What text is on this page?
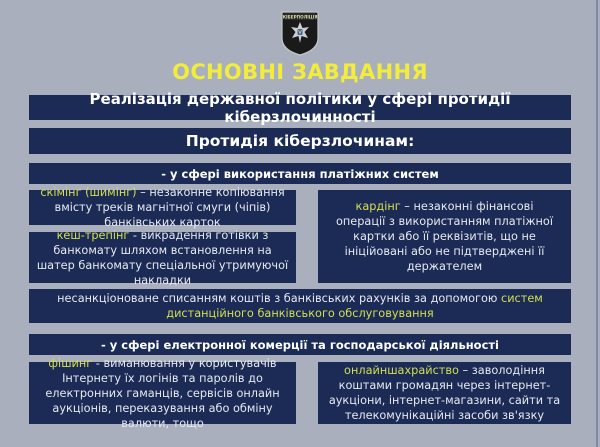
КІБЕРПОЛІЦІЯ
ОСНОВНІ ЗАВДАННЯ
Реалізація державної політики у сфері протидії кіберзлочинності
Протидія кіберзлочинам:
- у сфері використання платіжних систем
скімінг (шимінг) – незаконне копіювання вмісту треків магнітної смуги (чіпів) банківських карток
кеш-трепінг - викрадення готівки з банкомату шляхом встановлення на шатер банкомату спеціальної утримуючої накладки
кардінг – незаконні фінансові операції з використанням платіжної картки або її реквізитів, що не ініційовані або не підтверджені її держателем
несанкціоноване списанням коштів з банківських рахунків за допомогою систем дистанційного банківського обслуговування
- у сфері електронної комерції та господарської діяльності
фішинг - виманювання у користувачів Інтернету їх логінів та паролів до електронних гаманців, сервісів онлайн аукціонів, переказування або обміну валюти, тощо
онлайншахрайство – заволодіння коштами громадян через інтернет-аукціони, інтернет-магазини, сайти та телекомунікаційні засоби зв'язку
